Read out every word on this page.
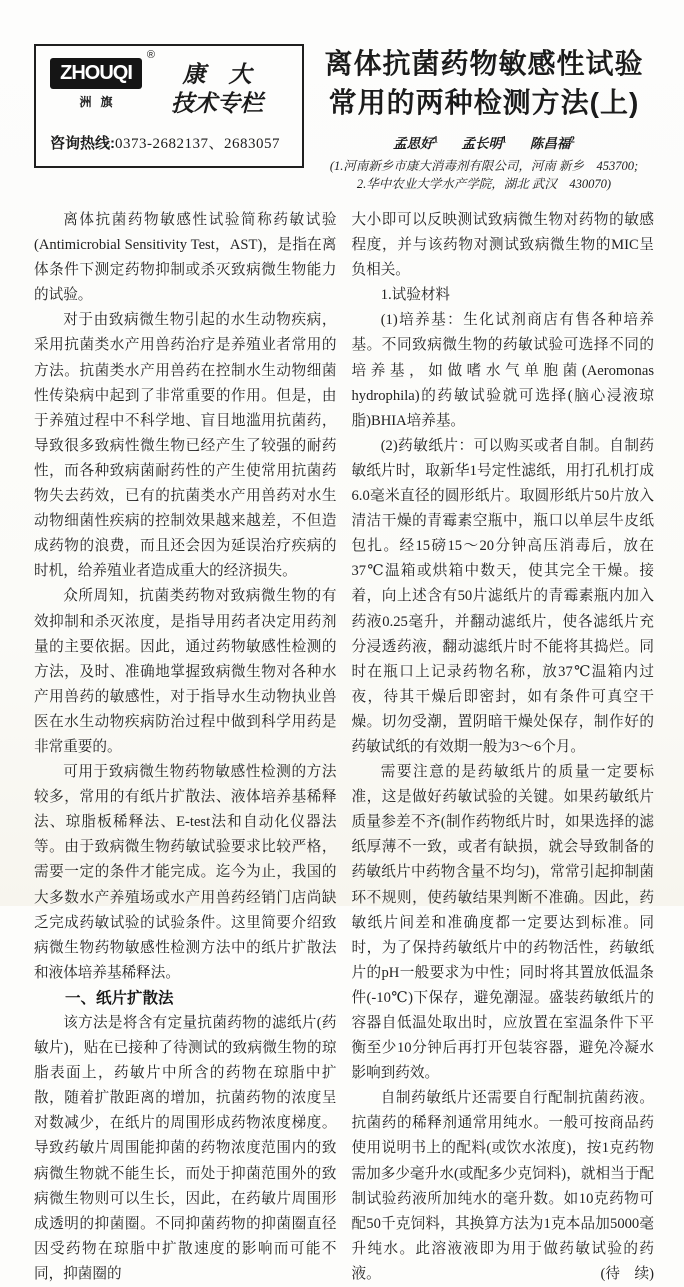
ZHOUQI
®
洲旗
康　大
技术专栏
咨询热线:0373-2682137、2683057
离体抗菌药物敏感性试验
常用的两种检测方法(上)
孟思好$^1$ 孟长明$^1$ 陈昌福$^2$
(1.河南新乡市康大消毒剂有限公司，河南 新乡　453700;
2.华中农业大学水产学院，湖北 武汉　430070)

离体抗菌药物敏感性试验简称药敏试验(Antimicrobial Sensitivity Test，AST)，是指在离体条件下测定药物抑制或杀灭致病微生物能力的试验。

对于由致病微生物引起的水生动物疾病，采用抗菌类水产用兽药治疗是养殖业者常用的方法。抗菌类水产用兽药在控制水生动物细菌性传染病中起到了非常重要的作用。但是，由于养殖过程中不科学地、盲目地滥用抗菌药，导致很多致病性微生物已经产生了较强的耐药性，而各种致病菌耐药性的产生使常用抗菌药物失去药效，已有的抗菌类水产用兽药对水生动物细菌性疾病的控制效果越来越差，不但造成药物的浪费，而且还会因为延误治疗疾病的时机，给养殖业者造成重大的经济损失。

众所周知，抗菌类药物对致病微生物的有效抑制和杀灭浓度，是指导用药者决定用药剂量的主要依据。因此，通过药物敏感性检测的方法，及时、准确地掌握致病微生物对各种水产用兽药的敏感性，对于指导水生动物执业兽医在水生动物疾病防治过程中做到科学用药是非常重要的。

可用于致病微生物药物敏感性检测的方法较多，常用的有纸片扩散法、液体培养基稀释法、琼脂板稀释法、E-test法和自动化仪器法等。由于致病微生物药敏试验要求比较严格，需要一定的条件才能完成。迄今为止，我国的大多数水产养殖场或水产用兽药经销门店尚缺乏完成药敏试验的试验条件。这里简要介绍致病微生物药物敏感性检测方法中的纸片扩散法和液体培养基稀释法。

一、纸片扩散法

该方法是将含有定量抗菌药物的滤纸片(药敏片)，贴在已接种了待测试的致病微生物的琼脂表面上，药敏片中所含的药物在琼脂中扩散，随着扩散距离的增加，抗菌药物的浓度呈对数减少，在纸片的周围形成药物浓度梯度。导致药敏片周围能抑菌的药物浓度范围内的致病微生物就不能生长，而处于抑菌范围外的致病微生物则可以生长，因此，在药敏片周围形成透明的抑菌圈。不同抑菌药物的抑菌圈直径因受药物在琼脂中扩散速度的影响而可能不同，抑菌圈的

大小即可以反映测试致病微生物对药物的敏感程度，并与该药物对测试致病微生物的MIC呈负相关。

1.试验材料

(1)培养基：生化试剂商店有售各种培养基。不同致病微生物的药敏试验可选择不同的培养基，如做嗜水气单胞菌(Aeromonas hydrophila)的药敏试验就可选择(脑心浸液琼脂)BHIA培养基。

(2)药敏纸片：可以购买或者自制。自制药敏纸片时，取新华1号定性滤纸，用打孔机打成6.0毫米直径的圆形纸片。取圆形纸片50片放入清洁干燥的青霉素空瓶中，瓶口以单层牛皮纸包扎。经15磅15～20分钟高压消毒后，放在37℃温箱或烘箱中数天，使其完全干燥。接着，向上述含有50片滤纸片的青霉素瓶内加入药液0.25毫升，并翻动滤纸片，使各滤纸片充分浸透药液，翻动滤纸片时不能将其捣烂。同时在瓶口上记录药物名称，放37℃温箱内过夜，待其干燥后即密封，如有条件可真空干燥。切勿受潮，置阴暗干燥处保存，制作好的药敏试纸的有效期一般为3～6个月。

需要注意的是药敏纸片的质量一定要标准，这是做好药敏试验的关键。如果药敏纸片质量参差不齐(制作药物纸片时，如果选择的滤纸厚薄不一致，或者有缺损，就会导致制备的药敏纸片中药物含量不均匀)，常常引起抑制菌环不规则，使药敏结果判断不准确。因此，药敏纸片间差和准确度都一定要达到标准。同时，为了保持药敏纸片中的药物活性，药敏纸片的pH一般要求为中性；同时将其置放低温条件(-10℃)下保存，避免潮湿。盛装药敏纸片的容器自低温处取出时，应放置在室温条件下平衡至少10分钟后再打开包装容器，避免冷凝水影响到药效。

自制药敏纸片还需要自行配制抗菌药液。抗菌药的稀释剂通常用纯水。一般可按商品药使用说明书上的配料(或饮水浓度)，按1克药物需加多少毫升水(或配多少克饲料)，就相当于配制试验药液所加纯水的毫升数。如10克药物可配50千克饲料，其换算方法为1克本品加5000毫升纯水。此溶液液即为用于做药敏试验的药液。	(待　续)
